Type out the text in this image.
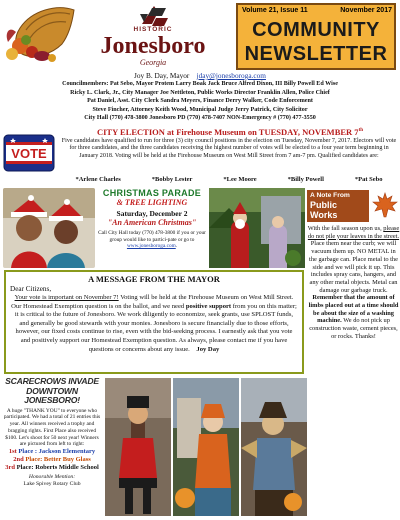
HISTORIC
Jonesboro
Georgia
Volume 21, Issue 11	November 2017
COMMUNITY
NEWSLETTER
Joy B. Day, Mayor jday@jonesboroga.com
Councilmembers: Pat Sebo, Mayor Protem Larry Boak Jack Bruce Alfred Dixon, III Billy Powell Ed Wise
Ricky L. Clark, Jr., City Manager Joe Nettleton, Public Works Director Franklin Allen, Police Chief
Pat Daniel, Asst. City Clerk Sandra Meyers, Finance Derry Walker, Code Enforcement
Steve Fincher, Attorney Keith Wood, Municipal Judge Jerry Patrick, City Solicitor
City Hall (770) 478-3800 Jonesboro PD (770) 478-7407 NON-Emergency # (770) 477-3550
VOTE
CITY ELECTION at Firehouse Museum on TUESDAY, NOVEMBER 7th
Five candidates have qualified to run for three (3) city council positions in the election on Tuesday, November 7, 2017. Electors will vote for three candidates, and the three candidates receiving the highest number of votes will be elected to a four year term beginning in January 2018. Voting will be held at the Firehouse Museum on West Mill Street from 7 am-7 pm. Qualified candidates are:
*Arlene Charles	*Bobby Lester	*Lee Moore	*Billy Powell	*Pat Sebo
CHRISTMAS PARADE
& TREE LIGHTING
Saturday, December 2
"An American Christmas"
Call City Hall today (770) 478-3800 if you or your group would like to partici-pate or go to www.jonesboroga.com.
A Note From
Public
Works
With the fall season upon us, please do not pile your leaves in the street. Place them near the curb; we will vacuum them up. NO METAL in the garbage can. Place metal to the side and we will pick it up. This includes spray cans, hangers, and any other metal objects. Metal can damage our garbage truck. Remember that the amount of limbs placed out at a time should be about the size of a washing machine. We do not pick up construction waste, cement pieces, or rocks. Thanks!
A MESSAGE FROM THE MAYOR
Dear Citizens,
Your vote is important on November 7! Voting will be held at the Firehouse Museum on West Mill Street. Our Homestead Exemption question is on the ballot, and we need positive support from you on this matter; it is critical to the future of Jonesboro. We work diligently to economize, seek grants, use SPLOST funds, and generally be good stewards with your monies. Jonesboro is secure financially due to those efforts, however, our fixed costs continue to rise, even with the bid-seeking process. I earnestly ask that you vote and positively support our Homestead Exemption question. As always, please contact me if you have questions or concerns about any issue. Joy Day
SCARECROWS INVADE
DOWNTOWN JONESBORO!
A huge "THANK YOU" to everyone who participated. We had a total of 21 entries this year. All winners received a trophy and bragging rights. First Place also received $100. Let's shoot for 50 next year! Winners are pictured from left to right:
1st Place : Jackson Elementary
2nd Place: Better Buy Glass
3rd Place: Roberts Middle School
Honorable Mention:
Lake Spivey Rotary Club
